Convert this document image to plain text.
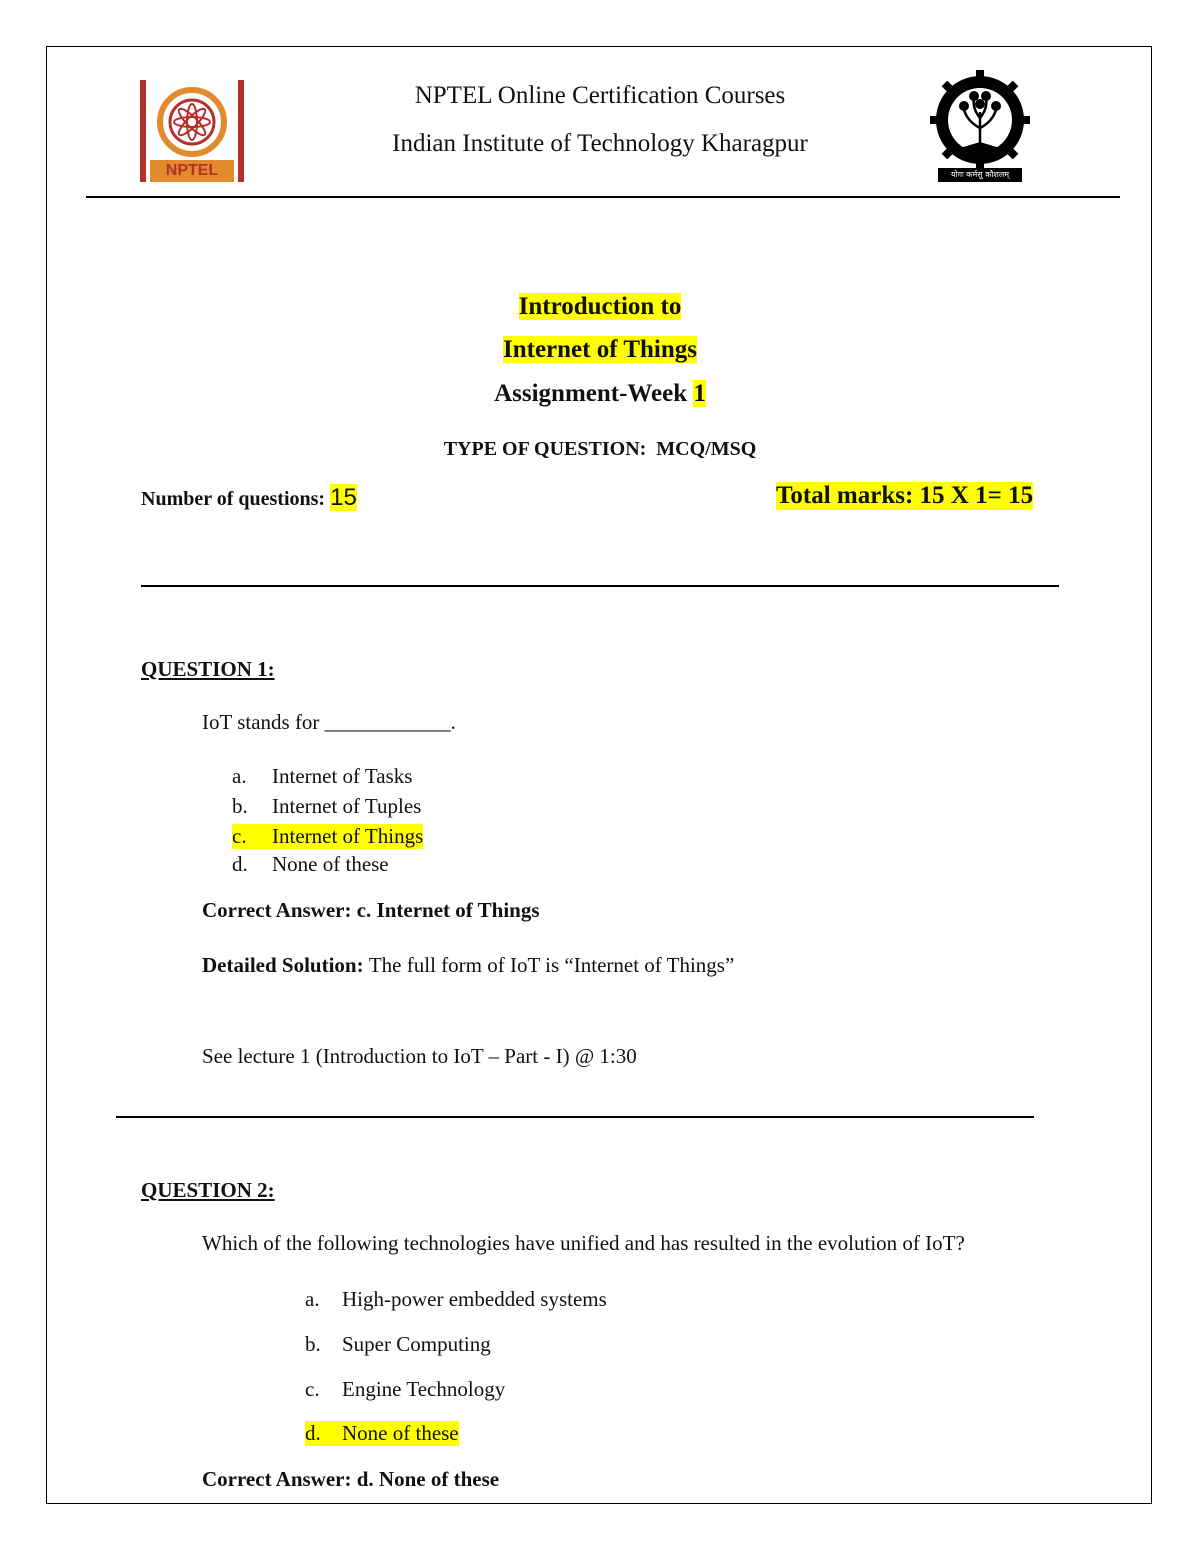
NPTEL
NPTEL Online Certification Courses
Indian Institute of Technology Kharagpur
योगः कर्मसु कौशलम्
Introduction to
Internet of Things
Assignment-Week 1
TYPE OF QUESTION:  MCQ/MSQ
Number of questions: 15	Total marks: 15 X 1= 15
QUESTION 1:
IoT stands for ____________.
a. Internet of Tasks
b. Internet of Tuples
c. Internet of Things
d. None of these
Correct Answer: c. Internet of Things
Detailed Solution: The full form of IoT is “Internet of Things”
See lecture 1 (Introduction to IoT – Part - I) @ 1:30
QUESTION 2:
Which of the following technologies have unified and has resulted in the evolution of IoT?
a. High-power embedded systems
b. Super Computing
c. Engine Technology
d. None of these
Correct Answer: d. None of these
